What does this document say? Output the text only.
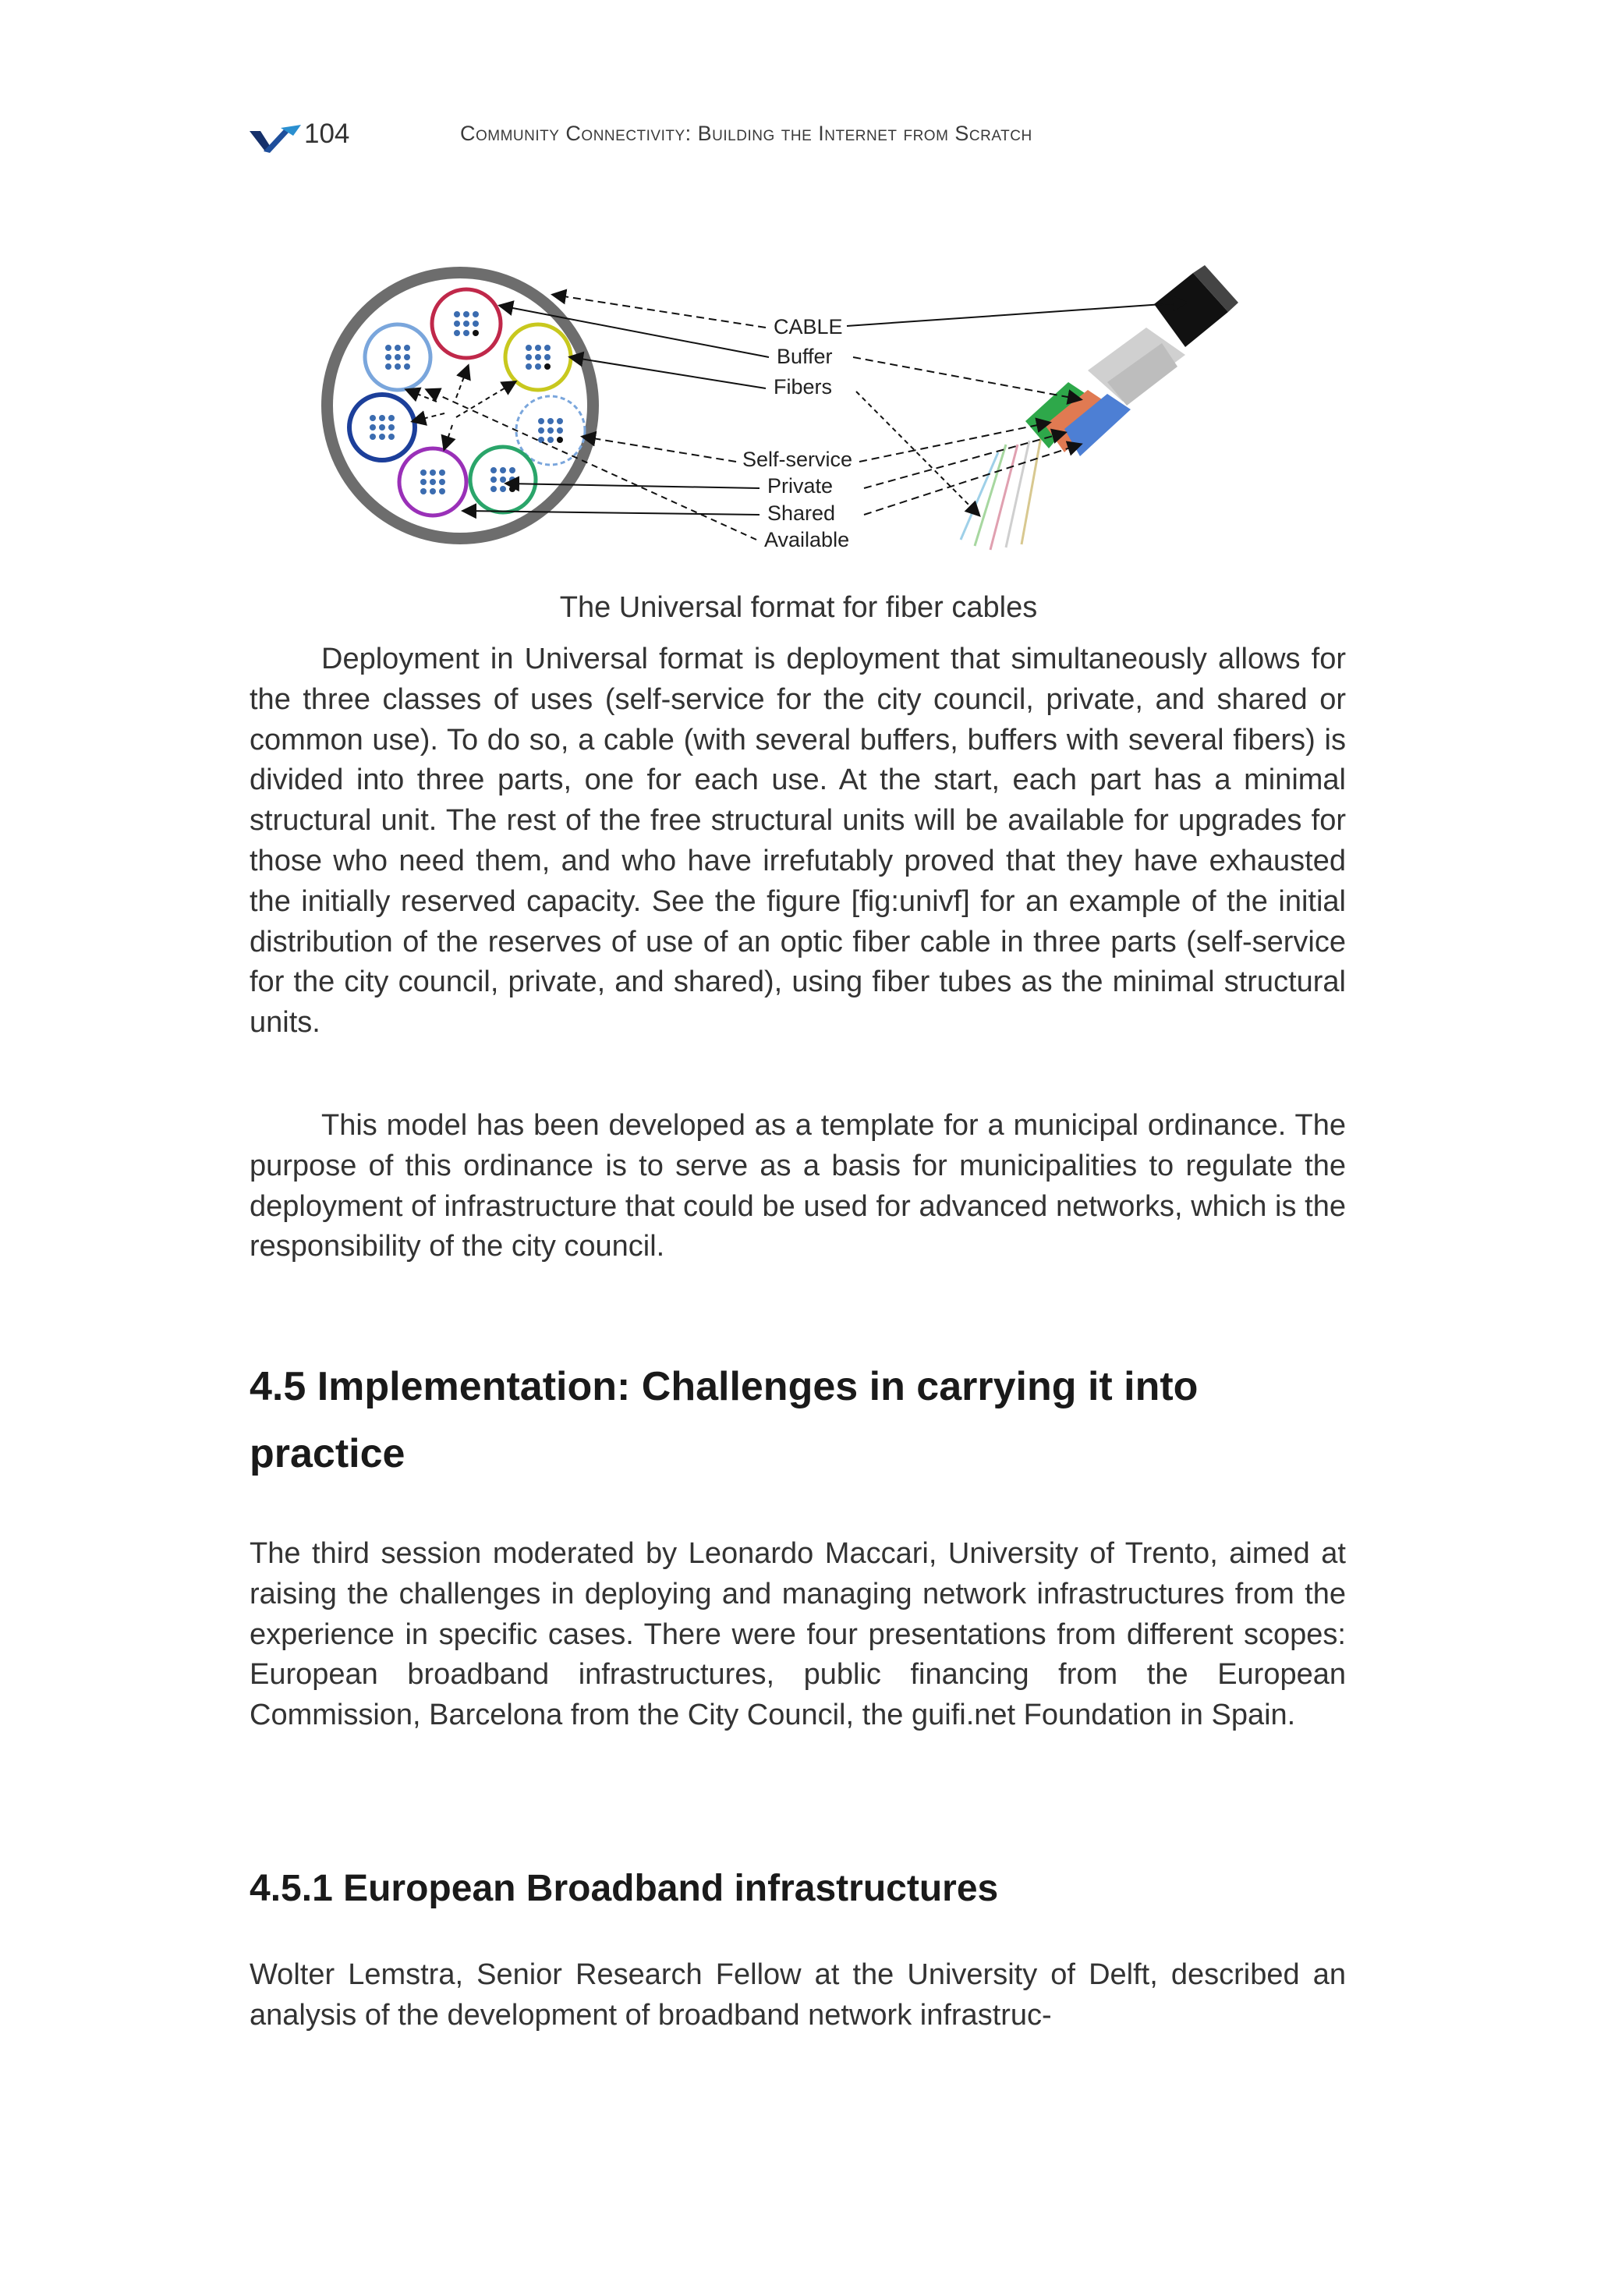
104	Community Connectivity: Building the Internet from Scratch
CABLE
Buffer
Fibers
Self-service
Private
Shared
Available
The Universal format for fiber cables

Deployment in Universal format is deployment that simultaneously allows for the three classes of uses (self-service for the city council, private, and shared or common use). To do so, a cable (with several buffers, buffers with several fibers) is divided into three parts, one for each use. At the start, each part has a minimal structural unit. The rest of the free structural units will be available for upgrades for those who need them, and who have irrefutably proved that they have exhausted the initially reserved capacity. See the figure [fig:univf] for an example of the initial distribution of the reserves of use of an optic fiber cable in three parts (self-service for the city council, private, and shared), using fiber tubes as the minimal structural units.

This model has been developed as a template for a municipal ordinance. The purpose of this ordinance is to serve as a basis for municipalities to regulate the deployment of infrastructure that could be used for advanced networks, which is the responsibility of the city council.

4.5 Implementation: Challenges in carrying it into practice

The third session moderated by Leonardo Maccari, University of Trento, aimed at raising the challenges in deploying and managing network infrastructures from the experience in specific cases. There were four presentations from different scopes: European broadband infrastructures, public financing from the European Commission, Barcelona from the City Council, the guifi.net Foundation in Spain.

4.5.1 European Broadband infrastructures

Wolter Lemstra, Senior Research Fellow at the University of Delft, described an analysis of the development of broadband network infrastruc-
